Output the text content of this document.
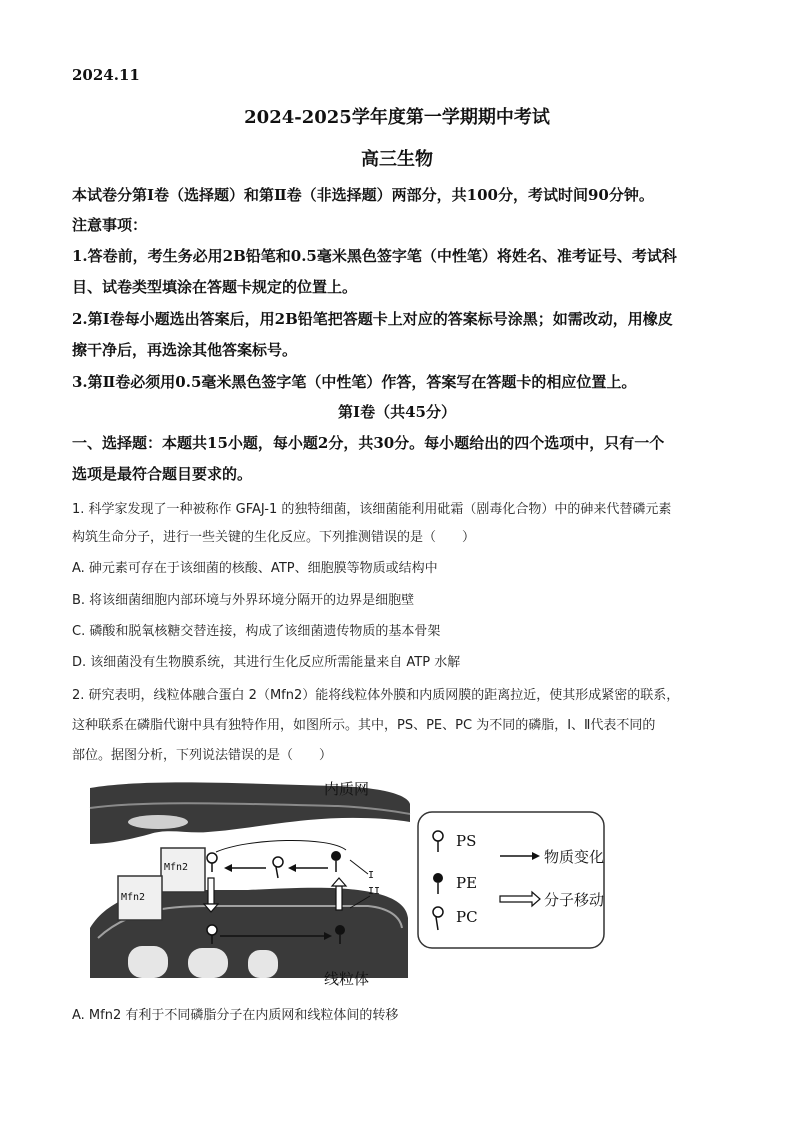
2024.11
2024-2025学年度第一学期期中考试
高三生物
本试卷分第Ⅰ卷（选择题）和第Ⅱ卷（非选择题）两部分，共100分，考试时间90分钟。
注意事项：
1.答卷前，考生务必用2B铅笔和0.5毫米黑色签字笔（中性笔）将姓名、准考证号、考试科
目、试卷类型填涂在答题卡规定的位置上。
2.第Ⅰ卷每小题选出答案后，用2B铅笔把答题卡上对应的答案标号涂黑；如需改动，用橡皮
擦干净后，再选涂其他答案标号。
3.第Ⅱ卷必须用0.5毫米黑色签字笔（中性笔）作答，答案写在答题卡的相应位置上。
第Ⅰ卷（共45分）
一、选择题：本题共15小题，每小题2分，共30分。每小题给出的四个选项中，只有一个
选项是最符合题目要求的。
1. 科学家发现了一种被称作 GFAJ-1 的独特细菌，该细菌能利用砒霜（剧毒化合物）中的砷来代替磷元素
构筑生命分子，进行一些关键的生化反应。下列推测错误的是（　　）
A. 砷元素可存在于该细菌的核酸、ATP、细胞膜等物质或结构中
B. 将该细菌细胞内部环境与外界环境分隔开的边界是细胞壁
C. 磷酸和脱氧核糖交替连接，构成了该细菌遗传物质的基本骨架
D. 该细菌没有生物膜系统，其进行生化反应所需能量来自 ATP 水解
2. 研究表明，线粒体融合蛋白 2（Mfn2）能将线粒体外膜和内质网膜的距离拉近，使其形成紧密的联系，
这种联系在磷脂代谢中具有独特作用，如图所示。其中，PS、PE、PC 为不同的磷脂，Ⅰ、Ⅱ代表不同的
部位。据图分析，下列说法错误的是（　　）
Mfn2
Mfn2
I
II
内质网
线粒体
PS
PE
PC
物质变化
分子移动
A. Mfn2 有利于不同磷脂分子在内质网和线粒体间的转移
